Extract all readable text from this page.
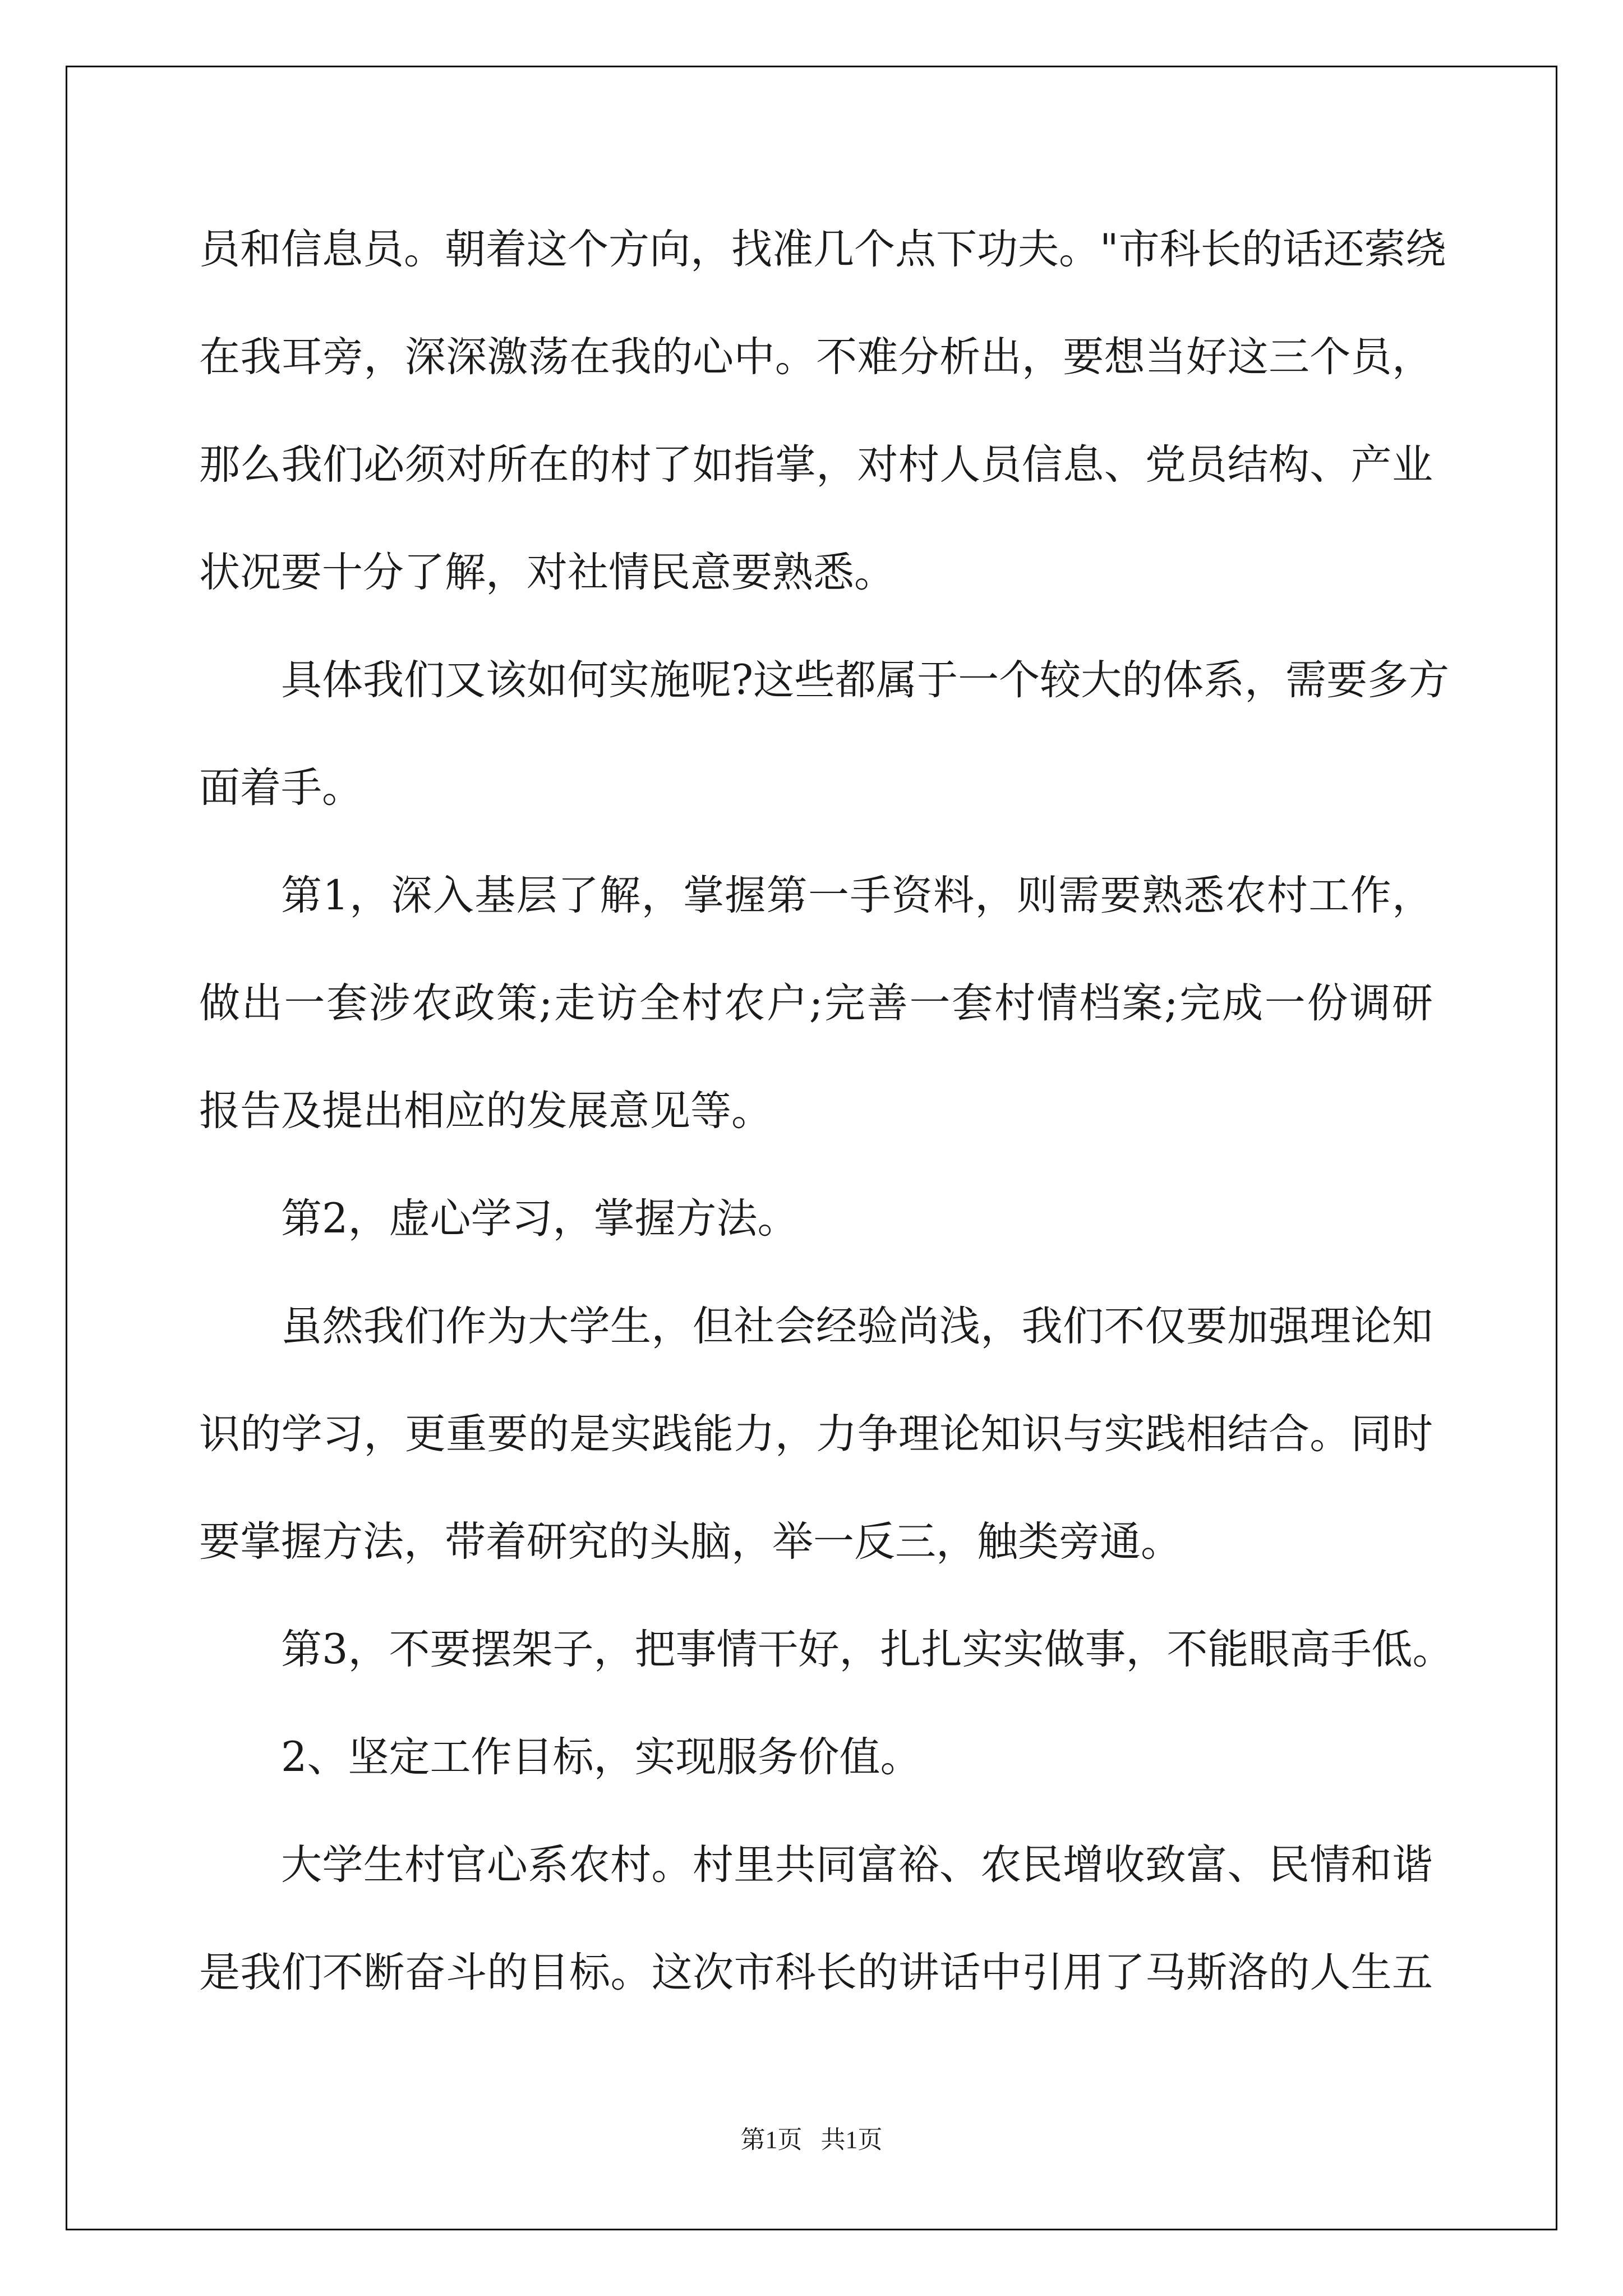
员和信息员。朝着这个方向，找准几个点下功夫。"市科长的话还萦绕
在我耳旁，深深激荡在我的心中。不难分析出，要想当好这三个员，
那么我们必须对所在的村了如指掌，对村人员信息、党员结构、产业
状况要十分了解，对社情民意要熟悉。
具体我们又该如何实施呢?这些都属于一个较大的体系，需要多方
面着手。
第1，深入基层了解，掌握第一手资料，则需要熟悉农村工作，
做出一套涉农政策;走访全村农户;完善一套村情档案;完成一份调研
报告及提出相应的发展意见等。
第2，虚心学习，掌握方法。
虽然我们作为大学生，但社会经验尚浅，我们不仅要加强理论知
识的学习，更重要的是实践能力，力争理论知识与实践相结合。同时
要掌握方法，带着研究的头脑，举一反三，触类旁通。
第3，不要摆架子，把事情干好，扎扎实实做事，不能眼高手低。
2、坚定工作目标，实现服务价值。
大学生村官心系农村。村里共同富裕、农民增收致富、民情和谐
是我们不断奋斗的目标。这次市科长的讲话中引用了马斯洛的人生五
第1页   共1页
